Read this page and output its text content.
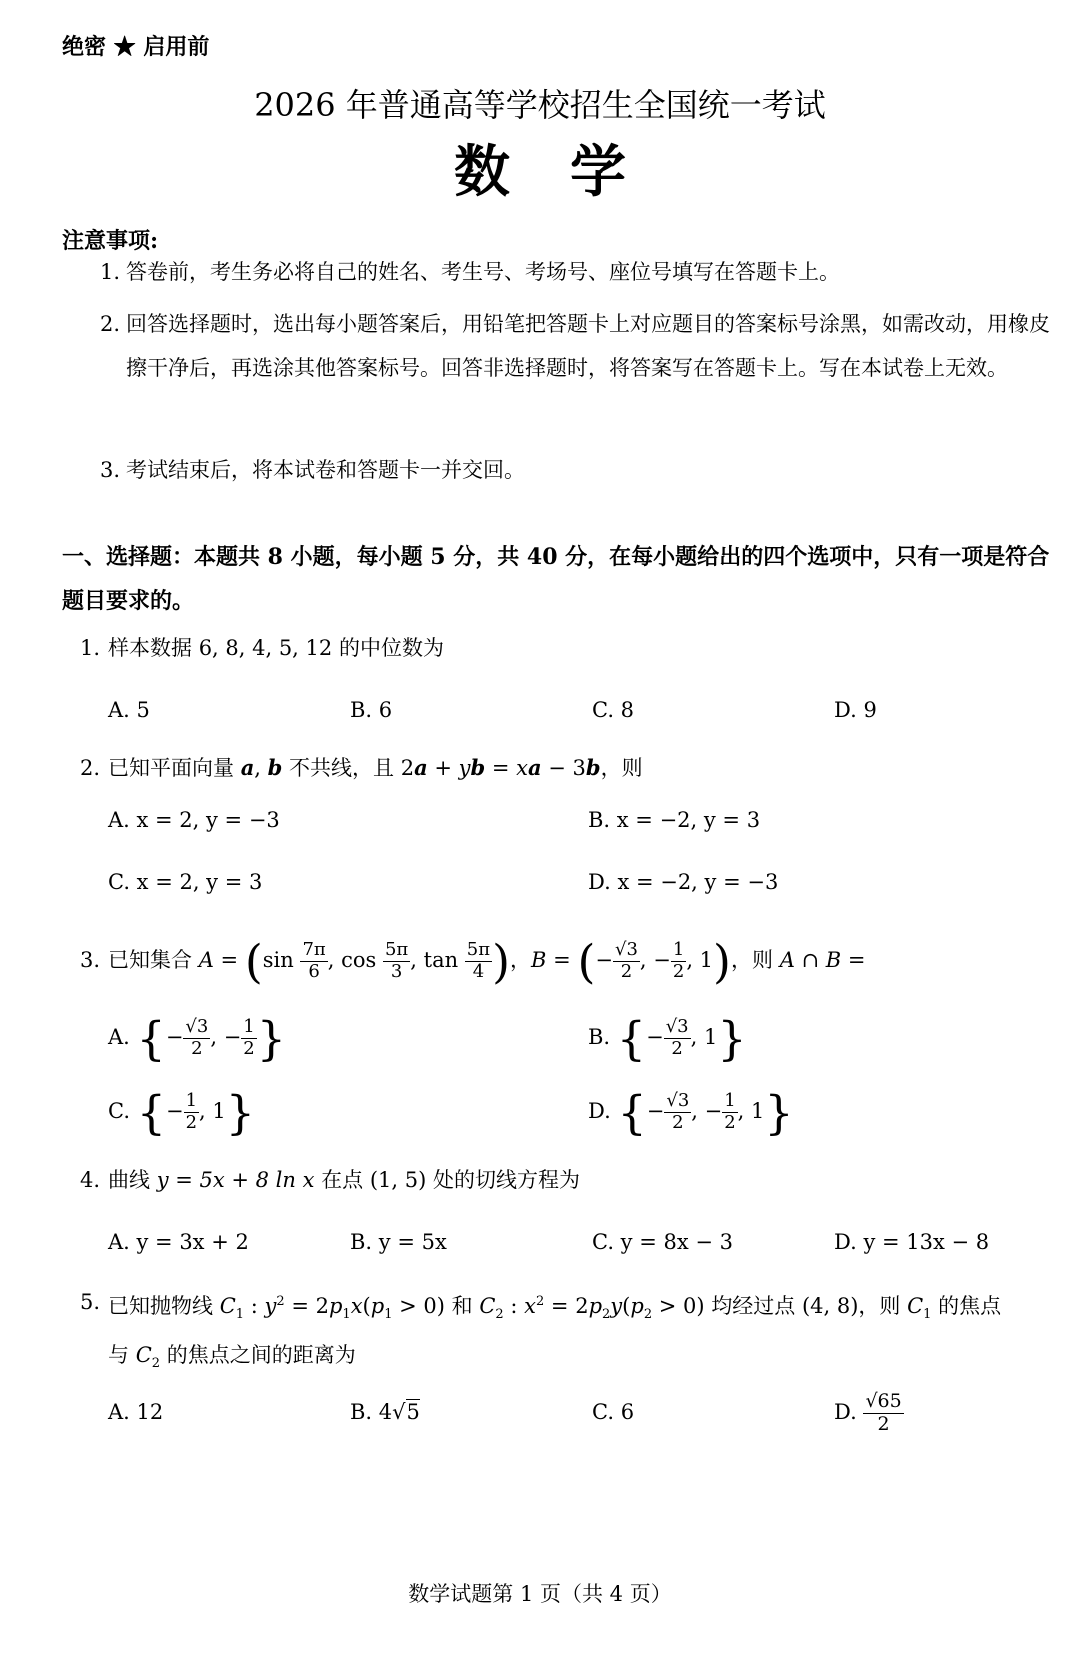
绝密 ★ 启用前
2026 年普通高等学校招生全国统一考试
数学
注意事项:
1. 答卷前，考生务必将自己的姓名、考生号、考场号、座位号填写在答题卡上。
2. 回答选择题时，选出每小题答案后，用铅笔把答题卡上对应题目的答案标号涂黑，如需改动，用橡皮擦干净后，再选涂其他答案标号。回答非选择题时，将答案写在答题卡上。写在本试卷上无效。
3. 考试结束后，将本试卷和答题卡一并交回。
一、选择题：本题共 8 小题，每小题 5 分，共 40 分，在每小题给出的四个选项中，只有一项是符合题目要求的。
1. 样本数据 6, 8, 4, 5, 12 的中位数为
A. 5	B. 6	C. 8	D. 9
2. 已知平面向量 a, b 不共线，且 2a + yb = xa − 3b，则
A. x = 2, y = −3	B. x = −2, y = 3
C. x = 2, y = 3	D. x = −2, y = −3
3. 已知集合 $A = (\sin \frac{7\pi}{6}$ , $\cos \frac{5\pi}{3}$ , $\tan \frac{5\pi}{4}$ )，B = (− $\frac{√3}{2}$ , − $\frac{1}{2}$ , 1)，则 A ∩ B =
A. {− $\frac{√3}{2}$ , − $\frac{1}{2}$ }	B. {− $\frac{√3}{2}$ , 1}
C. {− $\frac{1}{2}$ , 1}	D. {− $\frac{√3}{2}$ , − $\frac{1}{2}$ , 1}
4. 曲线 y = 5x + 8 ln x 在点 (1, 5) 处的切线方程为
A. y = 3x + 2	B. y = 5x	C. y = 8x − 3	D. y = 13x − 8
5. 已知抛物线 $C_1$ : $y^2 = 2p_1x(p_1 > 0)$ 和 $C_2$ : $x^2 = 2p_2y(p_2 > 0)$ 均经过点 (4, 8)，则 $C_1$ 的焦点
与 $C_2$ 的焦点之间的距离为
A. 12	B. 4√5	C. 6	D. $\frac{√65}{2}$
数学试题第 1 页（共 4 页）
